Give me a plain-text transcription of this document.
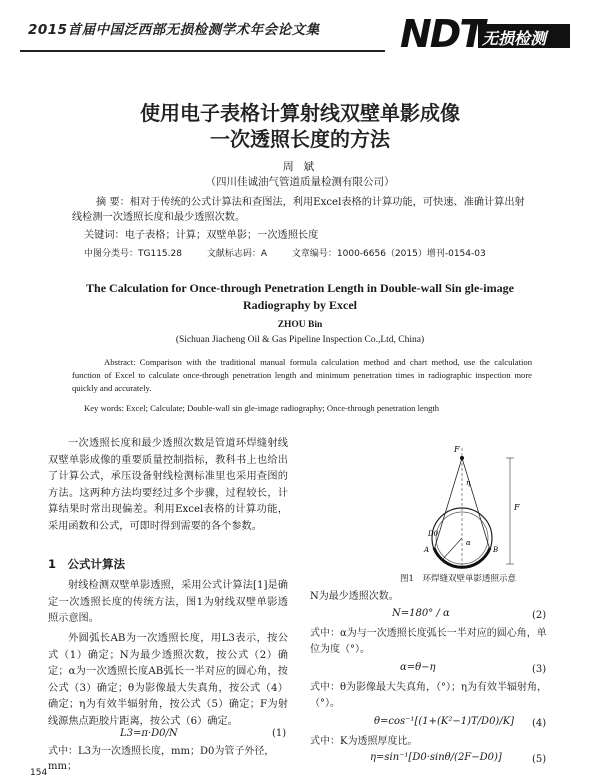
2015首届中国泛西部无损检测学术年会论文集 NDT
无损检测
使用电子表格计算射线双壁单影成像
一次透照长度的方法
周 斌
（四川佳诚油气管道质量检测有限公司）
摘 要：相对于传统的公式计算法和查图法，利用Excel表格的计算功能，可快速、准确计算出射线检测一次透照长度和最少透照次数。
关键词：电子表格；计算；双壁单影；一次透照长度
中图分类号：TG115.28	文献标志码：A	文章编号：1000-6656（2015）增刊-0154-03
The Calculation for Once-through Penetration Length in Double-wall Sin gle-image
Radiography by Excel
ZHOU Bin
(Sichuan Jiacheng Oil & Gas Pipeline Inspection Co.,Ltd, China)
Abstract: Comparison with the traditional manual formula calculation method and chart method, use the calculation function of Excel to calculate once-through penetration length and minimum penetration times in radiographic inspection more quickly and accurately.
Key words: Excel; Calculate; Double-wall sin gle-image radiography; Once-through penetration length
一次透照长度和最少透照次数是管道环焊缝射线双壁单影成像的重要质量控制指标，教科书上也给出了计算公式，承压设备射线检测标准里也采用查图的方法。这两种方法均要经过多个步骤，过程较长，计算结果时常出现偏差。利用Excel表格的计算功能，采用函数和公式，可即时得到需要的各个参数。
1　公式计算法
射线检测双壁单影透照，采用公式计算法[1]是确定一次透照长度的传统方法，图1为射线双壁单影透照示意图。
外圆弧长AB为一次透照长度，用L3表示，按公式（1）确定；N为最少透照次数，按公式（2）确定；α为一次透照长度AB弧长一半对应的圆心角，按公式（3）确定；θ为影像最大失真角，按公式（4）确定；η为有效半辐射角，按公式（5）确定；F为射线源焦点距胶片距离，按公式（6）确定。
L3=π·D0/N	(1)
式中：L3为一次透照长度，mm；D0为管子外径，mm；
154
F
F
η
α
A	B
D0
图1　环焊缝双壁单影透照示意
N为最少透照次数。
N=180° / α	(2)
式中：α为与一次透照长度弧长一半对应的圆心角，单位为度（°）。
α=θ−η	(3)
式中：θ为影像最大失真角，（°）；η为有效半辐射角，（°）。
θ=cos⁻¹[(1+(K²−1)T/D0)/K] (4)
式中：K为透照厚度比。
η=sin⁻¹[D0·sinθ/(2F−D0)]	(5)
